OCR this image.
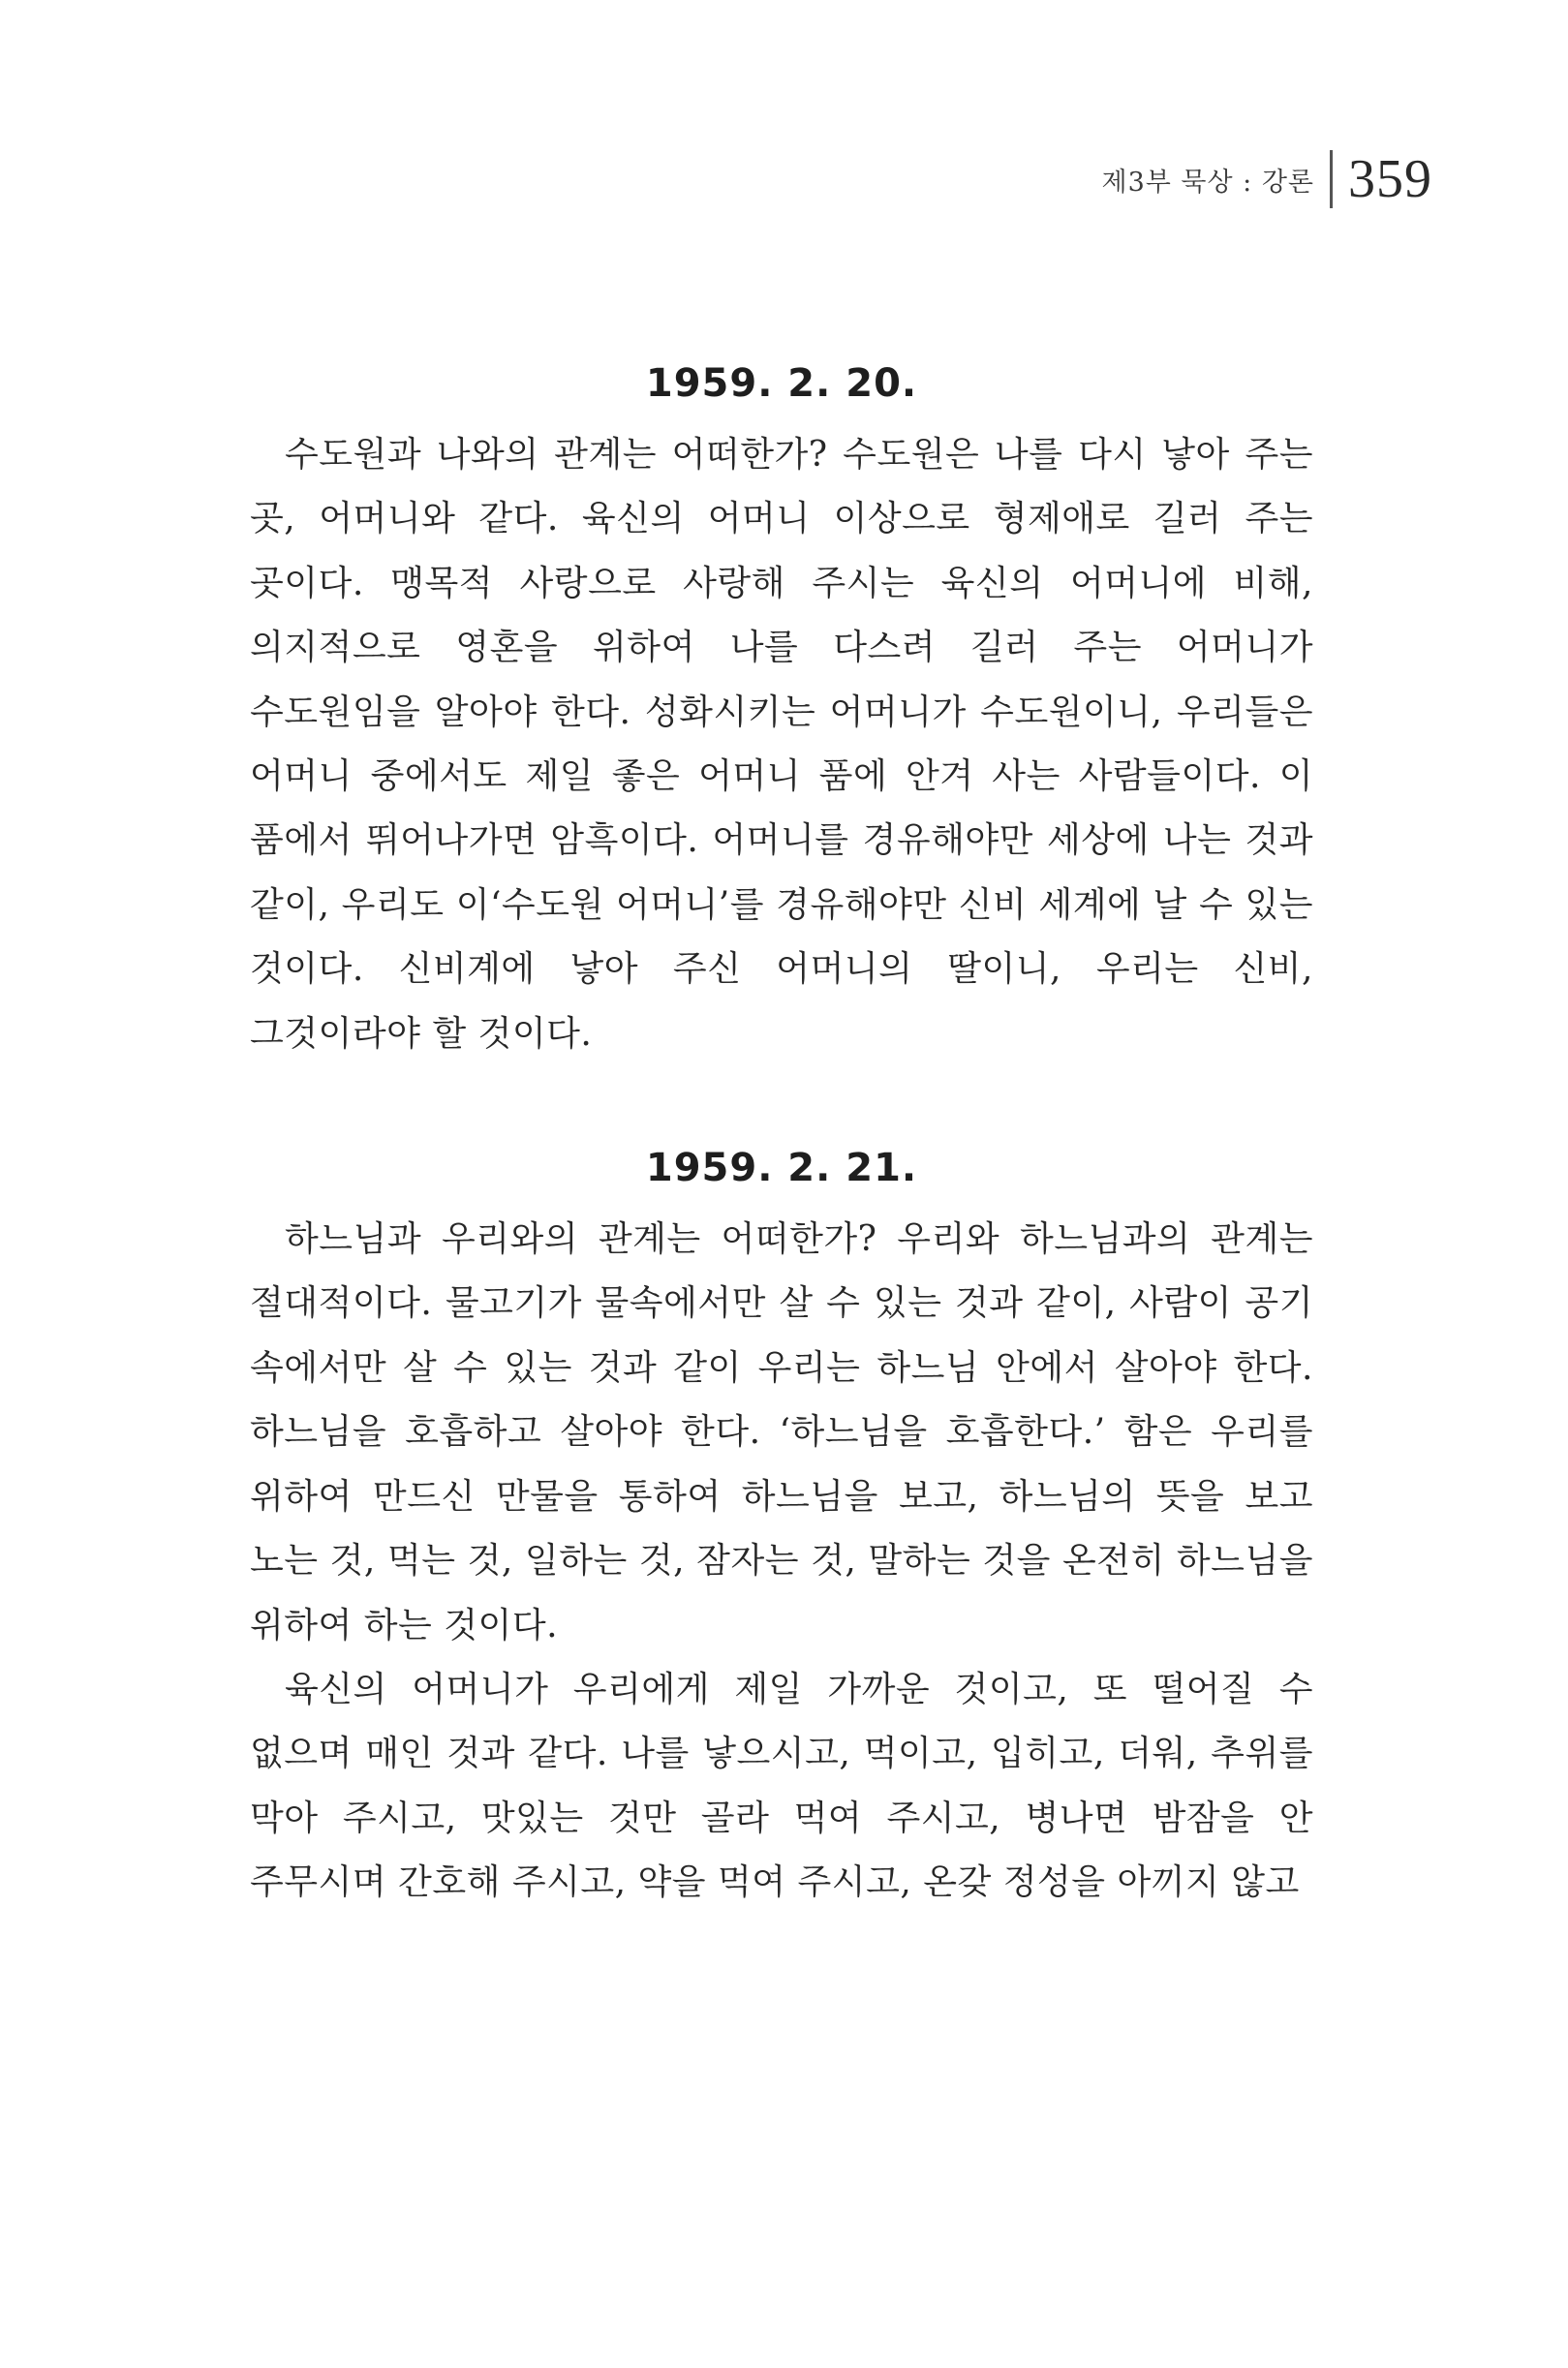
제3부 묵상 : 강론 359
1959. 2. 20.

수도원과 나와의 관계는 어떠한가? 수도원은 나를 다시 낳아 주는 곳, 어머니와 같다. 육신의 어머니 이상으로 형제애로 길러 주는 곳이다. 맹목적 사랑으로 사랑해 주시는 육신의 어머니에 비해, 의지적으로 영혼을 위하여 나를 다스려 길러 주는 어머니가 수도원임을 알아야 한다. 성화시키는 어머니가 수도원이니, 우리들은 어머니 중에서도 제일 좋은 어머니 품에 안겨 사는 사람들이다. 이 품에서 뛰어나가면 암흑이다. 어머니를 경유해야만 세상에 나는 것과 같이, 우리도 이‘수도원 어머니’를 경유해야만 신비 세계에 날 수 있는 것이다. 신비계에 낳아 주신 어머니의 딸이니, 우리는 신비, 그것이라야 할 것이다.

1959. 2. 21.

하느님과 우리와의 관계는 어떠한가? 우리와 하느님과의 관계는 절대적이다. 물고기가 물속에서만 살 수 있는 것과 같이, 사람이 공기 속에서만 살 수 있는 것과 같이 우리는 하느님 안에서 살아야 한다. 하느님을 호흡하고 살아야 한다. ‘하느님을 호흡한다.’ 함은 우리를 위하여 만드신 만물을 통하여 하느님을 보고, 하느님의 뜻을 보고 노는 것, 먹는 것, 일하는 것, 잠자는 것, 말하는 것을 온전히 하느님을 위하여 하는 것이다.

육신의 어머니가 우리에게 제일 가까운 것이고, 또 떨어질 수 없으며 매인 것과 같다. 나를 낳으시고, 먹이고, 입히고, 더워, 추위를 막아 주시고, 맛있는 것만 골라 먹여 주시고, 병나면 밤잠을 안 주무시며 간호해 주시고, 약을 먹여 주시고, 온갖 정성을 아끼지 않고
